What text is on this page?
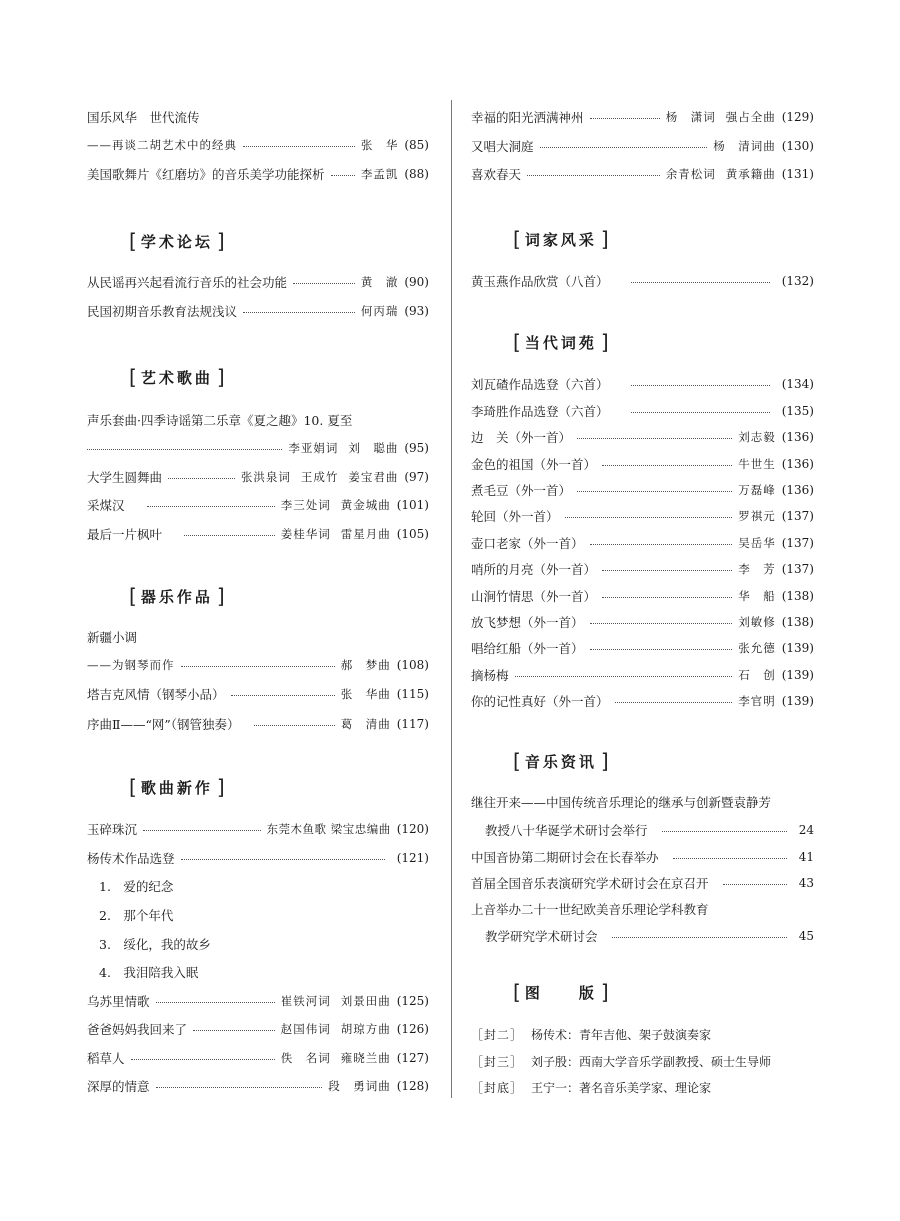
国乐风华　世代流传
——再谈二胡艺术中的经典	张　华 (85)
美国歌舞片《红磨坊》的音乐美学功能探析	李孟凯 (88)
[ 学术论坛 ]
从民谣再兴起看流行音乐的社会功能	黄　澈 (90)
民国初期音乐教育法规浅议	何丙瑞 (93)
[ 艺术歌曲 ]
声乐套曲·四季诗谣第二乐章《夏之趣》10. 夏至
李亚娟词 刘　聪曲 (95)
大学生圆舞曲	张洪泉词 王成竹 姜宝君曲 (97)
采煤汉	李三处词 黄金城曲 (101)
最后一片枫叶	姜桂华词 雷星月曲 (105)
[ 器乐作品 ]
新疆小调
——为钢琴而作	郝　梦曲 (108)
塔吉克风情（钢琴小品）	张　华曲 (115)
序曲Ⅱ——“网”（钢管独奏）	葛　清曲 (117)
[ 歌曲新作 ]
玉碎珠沉	东莞木鱼歌 梁宝忠编曲 (120)
杨传术作品选登	(121)
1.　爱的纪念
2.　那个年代
3.　绥化，我的故乡
4.　我泪陪我入眠
乌苏里情歌	崔铁河词 刘景田曲 (125)
爸爸妈妈我回来了	赵国伟词 胡琼方曲 (126)
稻草人	佚　名词 雍晓兰曲 (127)
深厚的情意	段　勇词曲 (128)
幸福的阳光洒满神州	杨　潇词 强占全曲 (129)
又唱大洞庭	杨　清词曲 (130)
喜欢春天	余青松词 黄承籍曲 (131)
[ 词家风采 ]
黄玉燕作品欣赏（八首）	(132)
[ 当代词苑 ]
刘瓦碴作品选登（六首）	(134)
李琦胜作品选登（六首）	(135)
边　关（外一首）	刘志毅 (136)
金色的祖国（外一首）	牛世生 (136)
煮毛豆（外一首）	万磊峰 (136)
轮回（外一首）	罗祺元 (137)
壶口老家（外一首）	吴岳华 (137)
哨所的月亮（外一首）	李　芳 (137)
山涧竹情思（外一首）	华　船 (138)
放飞梦想（外一首）	刘敏修 (138)
唱给红船（外一首）	张允德 (139)
摘杨梅	石　创 (139)
你的记性真好（外一首）	李官明 (139)
[ 音乐资讯 ]
继往开来——中国传统音乐理论的继承与创新暨袁静芳
教授八十华诞学术研讨会举行	24
中国音协第二期研讨会在长春举办	41
首届全国音乐表演研究学术研讨会在京召开	43
上音举办二十一世纪欧美音乐理论学科教育
教学研究学术研讨会	45
[ 图　　版 ]
［封二］ 杨传术：青年吉他、架子鼓演奏家
［封三］ 刘子殷：西南大学音乐学副教授、硕士生导师
［封底］ 王宁一：著名音乐美学家、理论家
